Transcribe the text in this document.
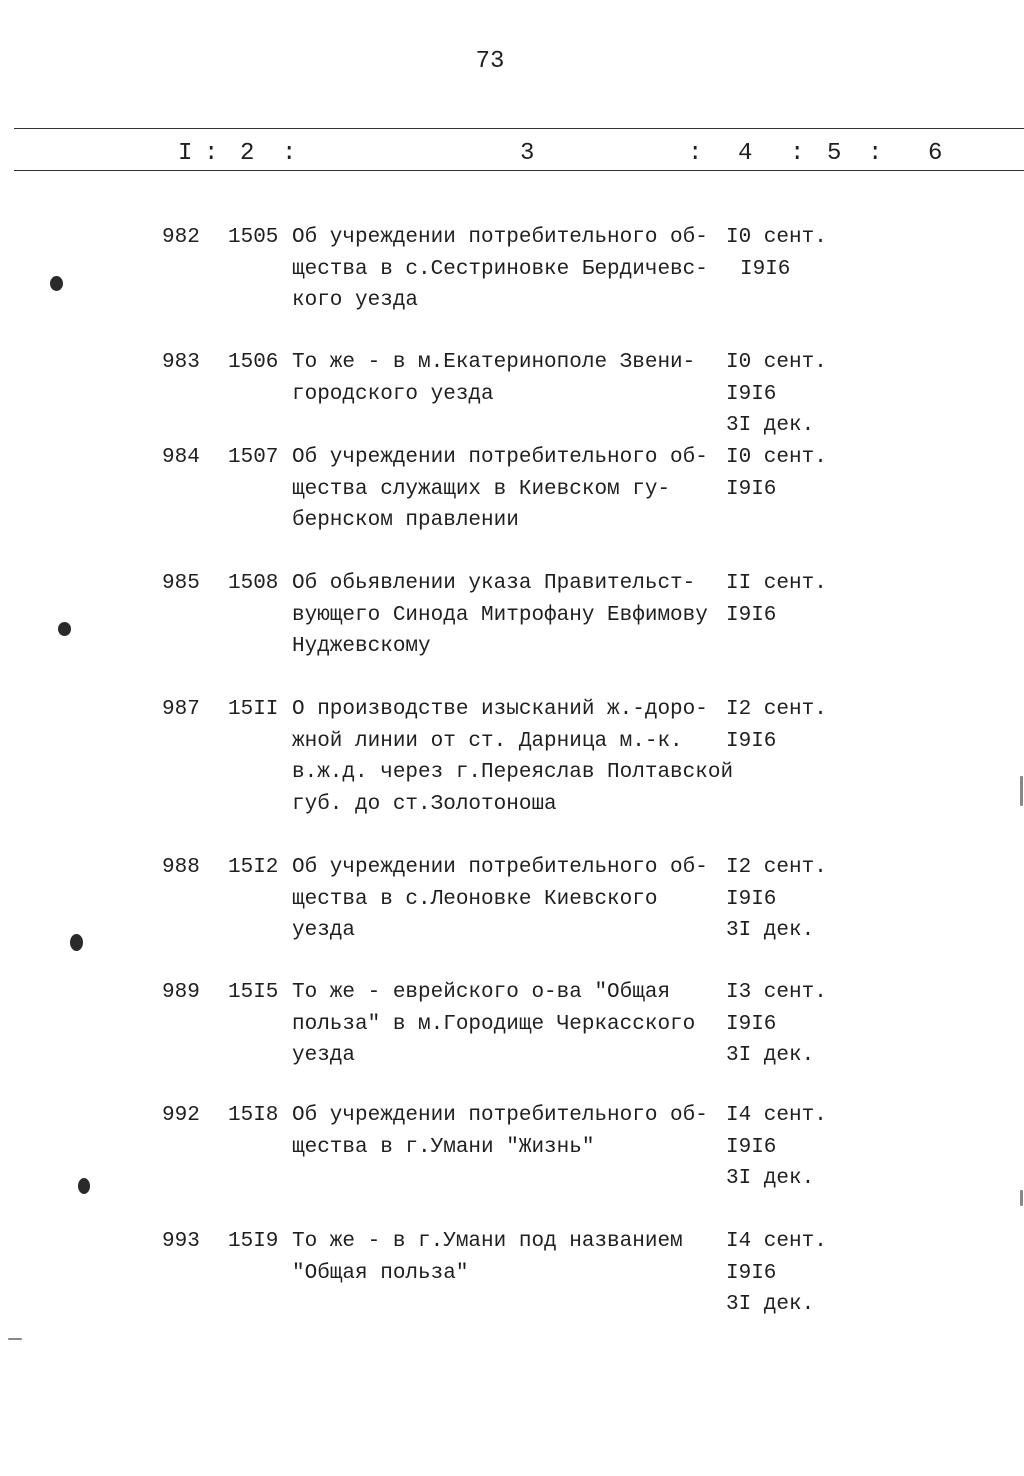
73
I : 2 :	3	: 4 : 5 : 6
982 1505 Об учреждении потребительного об-
щества в с.Сестриновке Бердичевс-
кого уезда
I0 сент.
I9I6
983 1506 То же - в м.Екатеринополе Звени-
городского уезда
I0 сент.
I9I6
3I дек.
984 1507 Об учреждении потребительного об-
щества служащих в Киевском гу-
бернском правлении
I0 сент.
I9I6
985 1508 Об обьявлении указа Правительст-
вующего Синода Митрофану Евфимову
Нуджевскому
II сент.
I9I6
987 15II О производстве изысканий ж.-доро-
жной линии от ст. Дарница м.-к.
в.ж.д. через г.Переяслав Полтавской
губ. до ст.Золотоноша
I2 сент.
I9I6
988 15I2 Об учреждении потребительного об-
щества в с.Леоновке Киевского
уезда
I2 сент.
I9I6
3I дек.
989 15I5 То же - еврейского о-ва "Общая
польза" в м.Городище Черкасского
уезда
I3 сент.
I9I6
3I дек.
992 15I8 Об учреждении потребительного об-
щества в г.Умани "Жизнь"
I4 сент.
I9I6
3I дек.
993 15I9 То же - в г.Умани под названием
"Общая польза"
I4 сент.
I9I6
3I дек.
